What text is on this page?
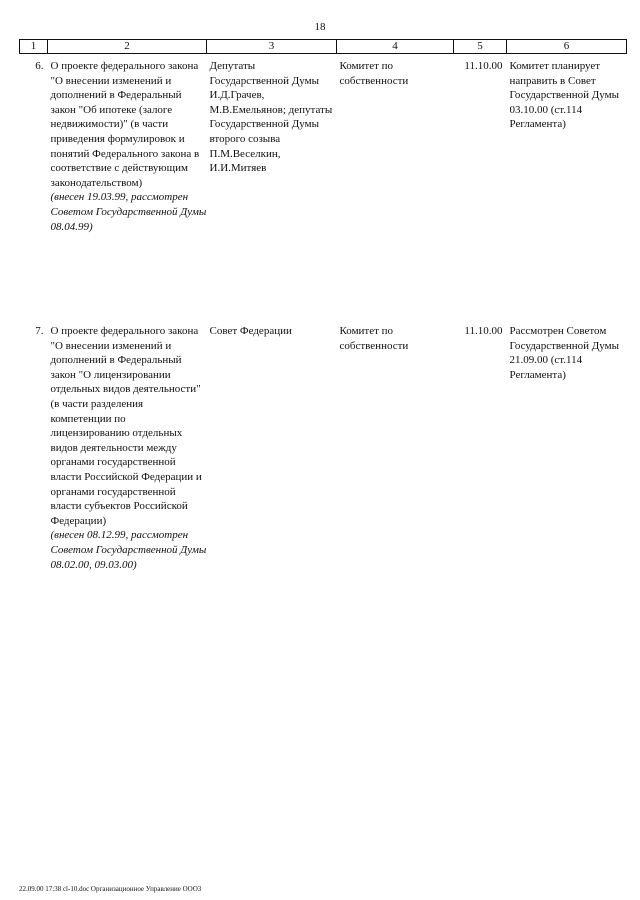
18
1	2	3	4	5	6
6.	О проекте федерального закона "О внесении изменений и дополнений в Федеральный закон "Об ипотеке (залоге недвижимости)" (в части приведения формулировок и понятий Федерального закона в соответствие с действующим законодательством)
(внесен 19.03.99, рассмотрен Советом Государственной Думы 08.04.99)	Депутаты Государственной Думы И.Д.Грачев, М.В.Емельянов; депутаты Государственной Думы второго созыва П.М.Веселкин, И.И.Митяев	Комитет по собственности	11.10.00	Комитет планирует направить в Совет Государственной Думы 03.10.00 (ст.114 Регламента)
7.	О проекте федерального закона "О внесении изменений и дополнений в Федеральный закон "О лицензировании отдельных видов деятельности" (в части разделения компетенции по лицензированию отдельных видов деятельности между органами государственной власти Российской Федерации и органами государственной власти субъектов Российской Федерации)
(внесен 08.12.99, рассмотрен Советом Государственной Думы 08.02.00, 09.03.00)	Совет Федерации	Комитет по собственности	11.10.00	Рассмотрен Советом Государственной Думы 21.09.00 (ст.114 Регламента)
22.09.00 17:38 cl-10.doc Организационное Управление ООО3
